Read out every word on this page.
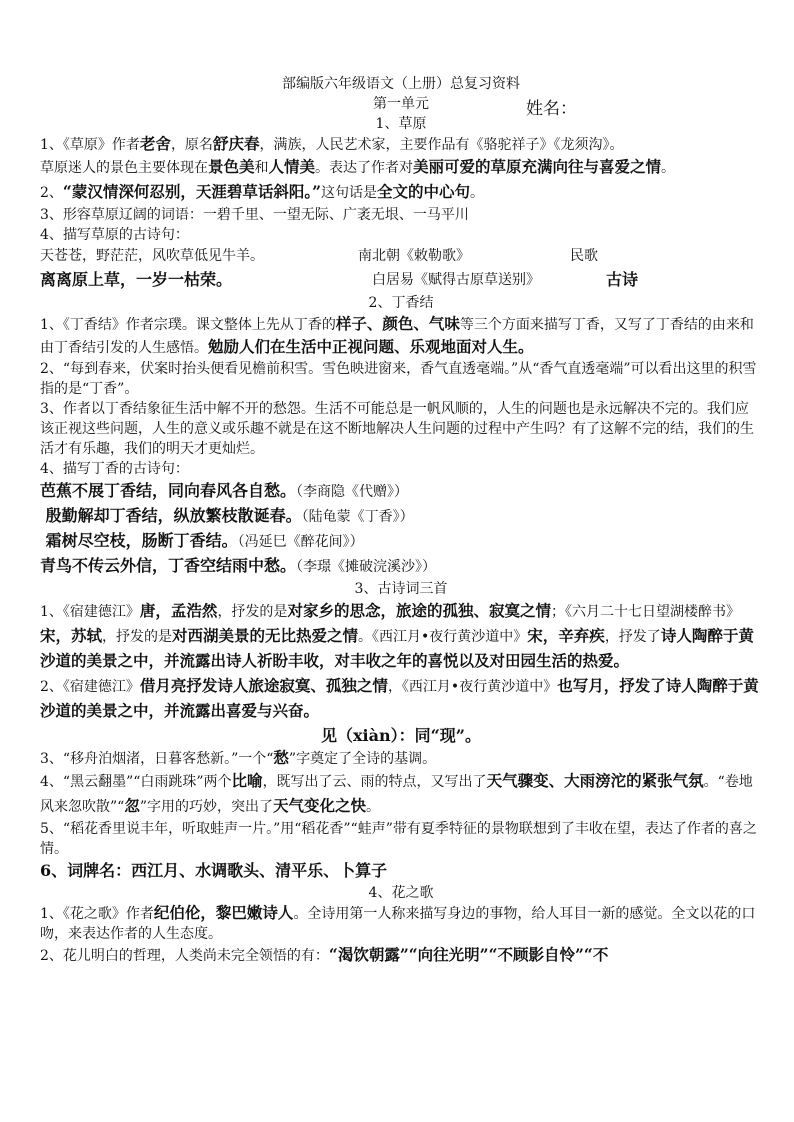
部编版六年级语文（上册）总复习资料
第一单元	姓名：
1、草原

1、《草原》作者老舍，原名舒庆春，满族，人民艺术家，主要作品有《骆驼祥子》《龙须沟》。

草原迷人的景色主要体现在景色美和人情美。表达了作者对美丽可爱的草原充满向往与喜爱之情。

2、“蒙汉情深何忍别，天涯碧草话斜阳。”这句话是全文的中心句。

3、形容草原辽阔的词语：一碧千里、一望无际、广袤无垠、一马平川

4、描写草原的古诗句：

天苍苍，野茫茫，风吹草低见牛羊。	南北朝《敕勒歌》	民歌
离离原上草，一岁一枯荣。	白居易《赋得古原草送别》	古诗
2、丁香结

1、《丁香结》作者宗璞。课文整体上先从丁香的样子、颜色、气味等三个方面来描写丁香，又写了丁香结的由来和由丁香结引发的人生感悟。勉励人们在生活中正视问题、乐观地面对人生。

2、“每到春来，伏案时抬头便看见檐前积雪。雪色映进窗来，香气直透毫端。”从“香气直透毫端”可以看出这里的积雪指的是“丁香”。

3、作者以丁香结象征生活中解不开的愁怨。生活不可能总是一帆风顺的，人生的问题也是永远解决不完的。我们应该正视这些问题，人生的意义或乐趣不就是在这不断地解决人生问题的过程中产生吗？有了这解不完的结，我们的生活才有乐趣，我们的明天才更灿烂。

4、描写丁香的古诗句：

芭蕉不展丁香结，同向春风各自愁。（李商隐《代赠》）

殷勤解却丁香结，纵放繁枝散诞春。（陆龟蒙《丁香》）

霜树尽空枝，肠断丁香结。（冯延巳《醉花间》）

青鸟不传云外信，丁香空结雨中愁。（李璟《摊破浣溪沙》）

3、古诗词三首

1、《宿建德江》唐，孟浩然，抒发的是对家乡的思念，旅途的孤独、寂寞之情；《六月二十七日望湖楼醉书》宋，苏轼，抒发的是对西湖美景的无比热爱之情。《西江月•夜行黄沙道中》宋，辛弃疾，抒发了诗人陶醉于黄沙道的美景之中，并流露出诗人祈盼丰收，对丰收之年的喜悦以及对田园生活的热爱。

2、《宿建德江》借月亮抒发诗人旅途寂寞、孤独之情，《西江月•夜行黄沙道中》也写月，抒发了诗人陶醉于黄沙道的美景之中，并流露出喜爱与兴奋。

见（xiàn）：同“现”。

3、“移舟泊烟渚，日暮客愁新。”一个“愁”字奠定了全诗的基调。

4、“黑云翻墨”“白雨跳珠”两个比喻，既写出了云、雨的特点，又写出了天气骤变、大雨滂沱的紧张气氛。“卷地风来忽吹散”“忽”字用的巧妙，突出了天气变化之快。

5、“稻花香里说丰年，听取蛙声一片。”用“稻花香”“蛙声”带有夏季特征的景物联想到了丰收在望，表达了作者的喜之情。

6、词牌名：西江月、水调歌头、清平乐、卜算子

4、花之歌

1、《花之歌》作者纪伯伦，黎巴嫩诗人。全诗用第一人称来描写身边的事物，给人耳目一新的感觉。全文以花的口吻，来表达作者的人生态度。

2、花儿明白的哲理，人类尚未完全领悟的有：“渴饮朝露”“向往光明”“不顾影自怜”“不
